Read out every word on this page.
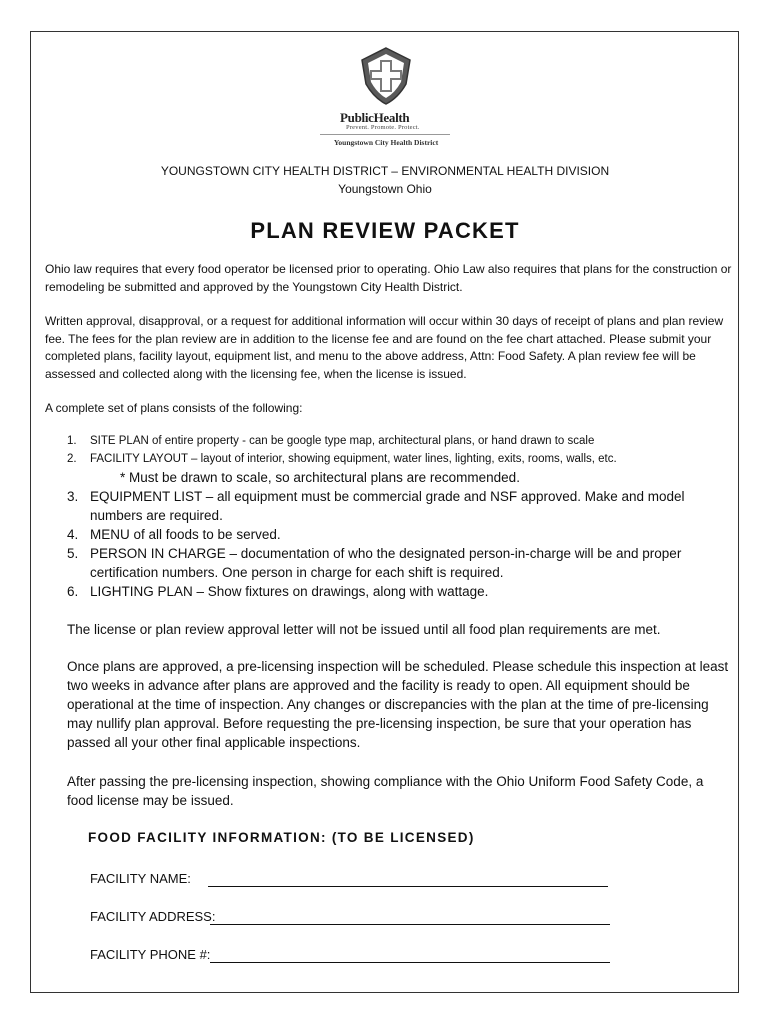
PublicHealth
Prevent. Promote. Protect.
Youngstown City Health District
YOUNGSTOWN CITY HEALTH DISTRICT – ENVIRONMENTAL HEALTH DIVISION
Youngstown Ohio
PLAN REVIEW PACKET

Ohio law requires that every food operator be licensed prior to operating. Ohio Law also requires that plans for the construction or remodeling be submitted and approved by the Youngstown City Health District.

Written approval, disapproval, or a request for additional information will occur within 30 days of receipt of plans and plan review fee. The fees for the plan review are in addition to the license fee and are found on the fee chart attached. Please submit your completed plans, facility layout, equipment list, and menu to the above address, Attn: Food Safety. A plan review fee will be assessed and collected along with the licensing fee, when the license is issued.

A complete set of plans consists of the following:

1. SITE PLAN of entire property - can be google type map, architectural plans, or hand drawn to scale
2. FACILITY LAYOUT – layout of interior, showing equipment, water lines, lighting, exits, rooms, walls, etc.
* Must be drawn to scale, so architectural plans are recommended.
3. EQUIPMENT LIST – all equipment must be commercial grade and NSF approved. Make and model numbers are required.
4. MENU of all foods to be served.
5. PERSON IN CHARGE – documentation of who the designated person-in-charge will be and proper certification numbers. One person in charge for each shift is required.
6. LIGHTING PLAN – Show fixtures on drawings, along with wattage.

The license or plan review approval letter will not be issued until all food plan requirements are met.

Once plans are approved, a pre-licensing inspection will be scheduled. Please schedule this inspection at least two weeks in advance after plans are approved and the facility is ready to open. All equipment should be operational at the time of inspection. Any changes or discrepancies with the plan at the time of pre-licensing may nullify plan approval. Before requesting the pre-licensing inspection, be sure that your operation has passed all your other final applicable inspections.

After passing the pre-licensing inspection, showing compliance with the Ohio Uniform Food Safety Code, a food license may be issued.

FOOD FACILITY INFORMATION: (TO BE LICENSED)
FACILITY NAME:
FACILITY ADDRESS:
FACILITY PHONE #:
